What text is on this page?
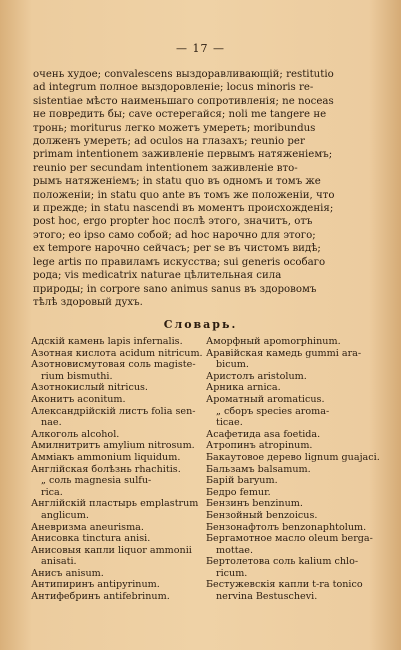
— 17 —
очень худое; convalescens выздоравливающій; restitutio
ad integrum полное выздоровленіе; locus minoris re-
sistentiae мѣсто наименьшаго сопротивленія; ne noceas
не повредить бы; cave остерегайся; noli me tangere не
тронь; moriturus легко можетъ умереть; moribundus
долженъ умереть; ad oculos на глазахъ; reunio per
primam intentionem заживленіе первымъ натяженіемъ;
reunio per secundam intentionem заживленіе вто-
рымъ натяженіемъ; in statu quo въ одномъ и томъ же
положеніи; in statu quo ante въ томъ же положеніи, что
и прежде; in statu nascendi въ моментъ происхожденія;
post hoc, ergo propter hoc послѣ этого, значитъ, отъ
этого; eo ipso само собой; ad hoc нарочно для этого;
ex tempore нарочно сейчасъ; per se въ чистомъ видѣ;
lege artis по правиламъ искусства; sui generis особаго
рода; vis medicatrix naturae цѣлительная сила
природы; in corpore sano animus sanus въ здоровомъ
тѣлѣ здоровый духъ.
Словарь.
Адскій камень lapis infernalis.
Азотная кислота acidum nitricum.
Азотновисмутовая соль magiste-
rium bismuthi.
Азотнокислый nitricus.
Аконитъ aconitum.
Александрійскій листъ folia sen-
nae.
Алкоголь alcohol.
Амилнитритъ amylium nitrosum.
Аммiакъ ammonium liquidum.
Англійская болѣзнь rhachitis.
„ соль magnesia sulfu-
rica.
Англійскій пластырь emplastrum
anglicum.
Аневризма aneurisma.
Анисовка tinctura anisi.
Анисовыя капли liquor ammonii
anisati.
Анисъ anisum.
Антипиринъ antipyrinum.
Антифебринъ antifebrinum.
Аморфный apomorphinum.
Аравійская камедь gummi ara-
bicum.
Аристолъ aristolum.
Арника arnica.
Ароматный aromaticus.
„ сборъ species aroma-
ticae.
Асафетида asa foetida.
Атропинъ atropinum.
Бакаутовое дерево lignum guajaci.
Бальзамъ balsamum.
Барій baryum.
Бедро femur.
Бензинъ benzinum.
Бензойный benzoicus.
Бензонафтолъ benzonaphtolum.
Бергамотное масло oleum berga-
mottae.
Бертолетова соль kalium chlo-
ricum.
Бестужевскія капли t-ra tonico
nervina Bestuschevi.
